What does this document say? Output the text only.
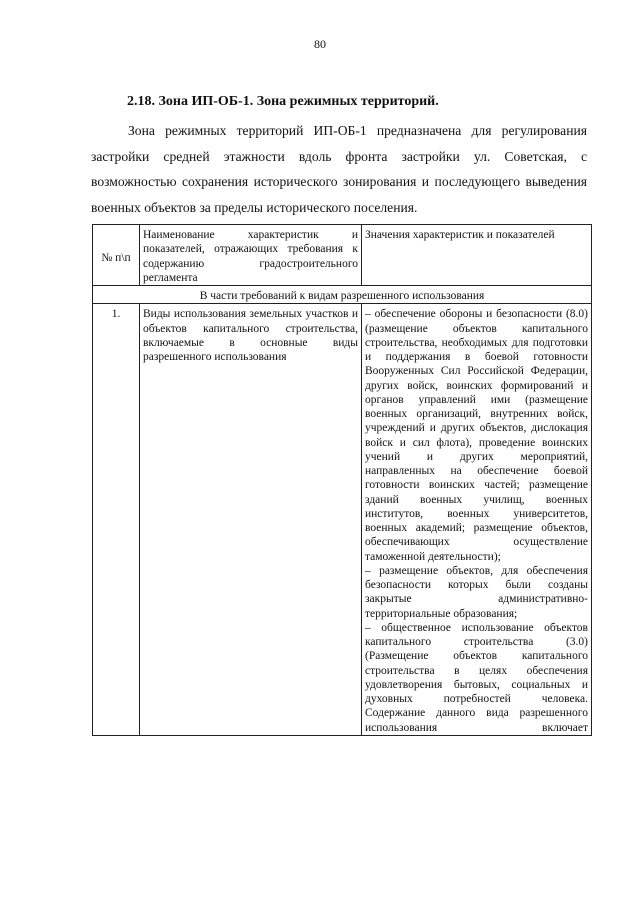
80
2.18. Зона ИП-ОБ-1. Зона режимных территорий.

Зона режимных территорий ИП-ОБ-1 предназначена для регулирования застройки средней этажности вдоль фронта застройки ул. Советская, с возможностью сохранения исторического зонирования и последующего выведения военных объектов за пределы исторического поселения.

№ п\п	Наименование характеристик и показателей, отражающих требования к содержанию градостроительного регламента	Значения характеристик и показателей
В части требований к видам разрешенного использования		
1.	Виды использования земельных участков и объектов капитального строительства, включаемые в основные виды разрешенного использования	– обеспечение обороны и безопасности (8.0) (размещение объектов капитального строительства, необходимых для подготовки и поддержания в боевой готовности Вооруженных Сил Российской Федерации, других войск, воинских формирований и органов управлений ими (размещение военных организаций, внутренних войск, учреждений и других объектов, дислокация войск и сил флота), проведение воинских учений и других мероприятий, направленных на обеспечение боевой готовности воинских частей; размещение зданий военных училищ, военных институтов, военных университетов, военных академий; размещение объектов, обеспечивающих осуществление таможенной деятельности);
– размещение объектов, для обеспечения безопасности которых были созданы закрытые административно-территориальные образования;
– общественное использование объектов капитального строительства (3.0) (Размещение объектов капитального строительства в целях обеспечения удовлетворения бытовых, социальных и духовных потребностей человека. Содержание данного вида разрешенного использования включает
